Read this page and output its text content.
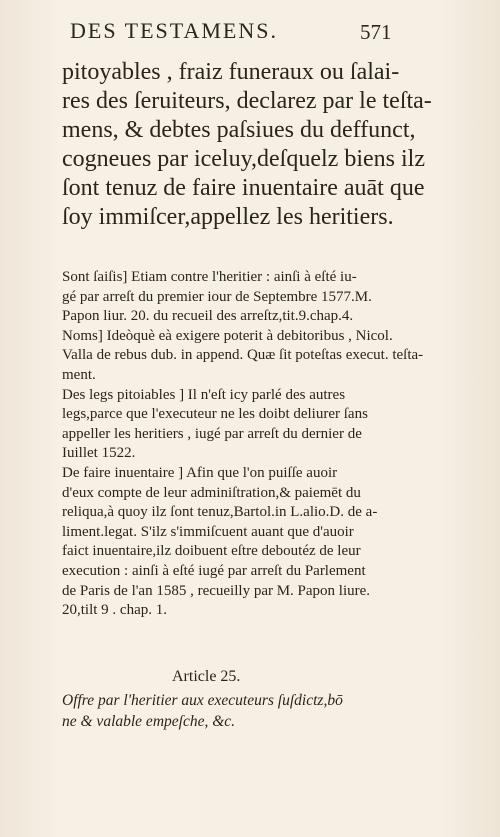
DES TESTAMENS.	571
pitoyables , fraiz funeraux ou ſalai-
res des ſeruiteurs, declarez par le teſta-
mens, & debtes paſsiues du deffunct,
cogneues par iceluy,deſquelz biens ilz
ſont tenuz de faire inuentaire auāt que
ſoy immiſcer,appellez les heritiers.
Sont ſaiſis] Etiam contre l'heritier : ainſi à eſté iu-
gé par arreſt du premier iour de Septembre 1577.M.
Papon liur. 20. du recueil des arreſtz,tit.9.chap.4.
Noms] Ideòquè eà exigere poterit à debitoribus , Nicol.
Valla de rebus dub. in append. Quæ ſit poteſtas execut. teſta-
ment.
Des legs pitoiables ] Il n'eſt icy parlé des autres
legs,parce que l'executeur ne les doibt deliurer ſans
appeller les heritiers , iugé par arreſt du dernier de
Iuillet 1522.
De faire inuentaire ] Afin que l'on puiſſe auoir
d'eux compte de leur adminiſtration,& paiemēt du
reliqua,à quoy ilz ſont tenuz,Bartol.in L.alio.D. de a-
liment.legat. S'ilz s'immiſcuent auant que d'auoir
faict inuentaire,ilz doibuent eſtre deboutéz de leur
execution : ainſi à eſté iugé par arreſt du Parlement
de Paris de l'an 1585 , recueilly par M. Papon liure.
20,tilt 9 . chap. 1.
Article 25.
Offre par l'heritier aux executeurs ſuſdictz,bō
ne & valable empeſche, &c.
